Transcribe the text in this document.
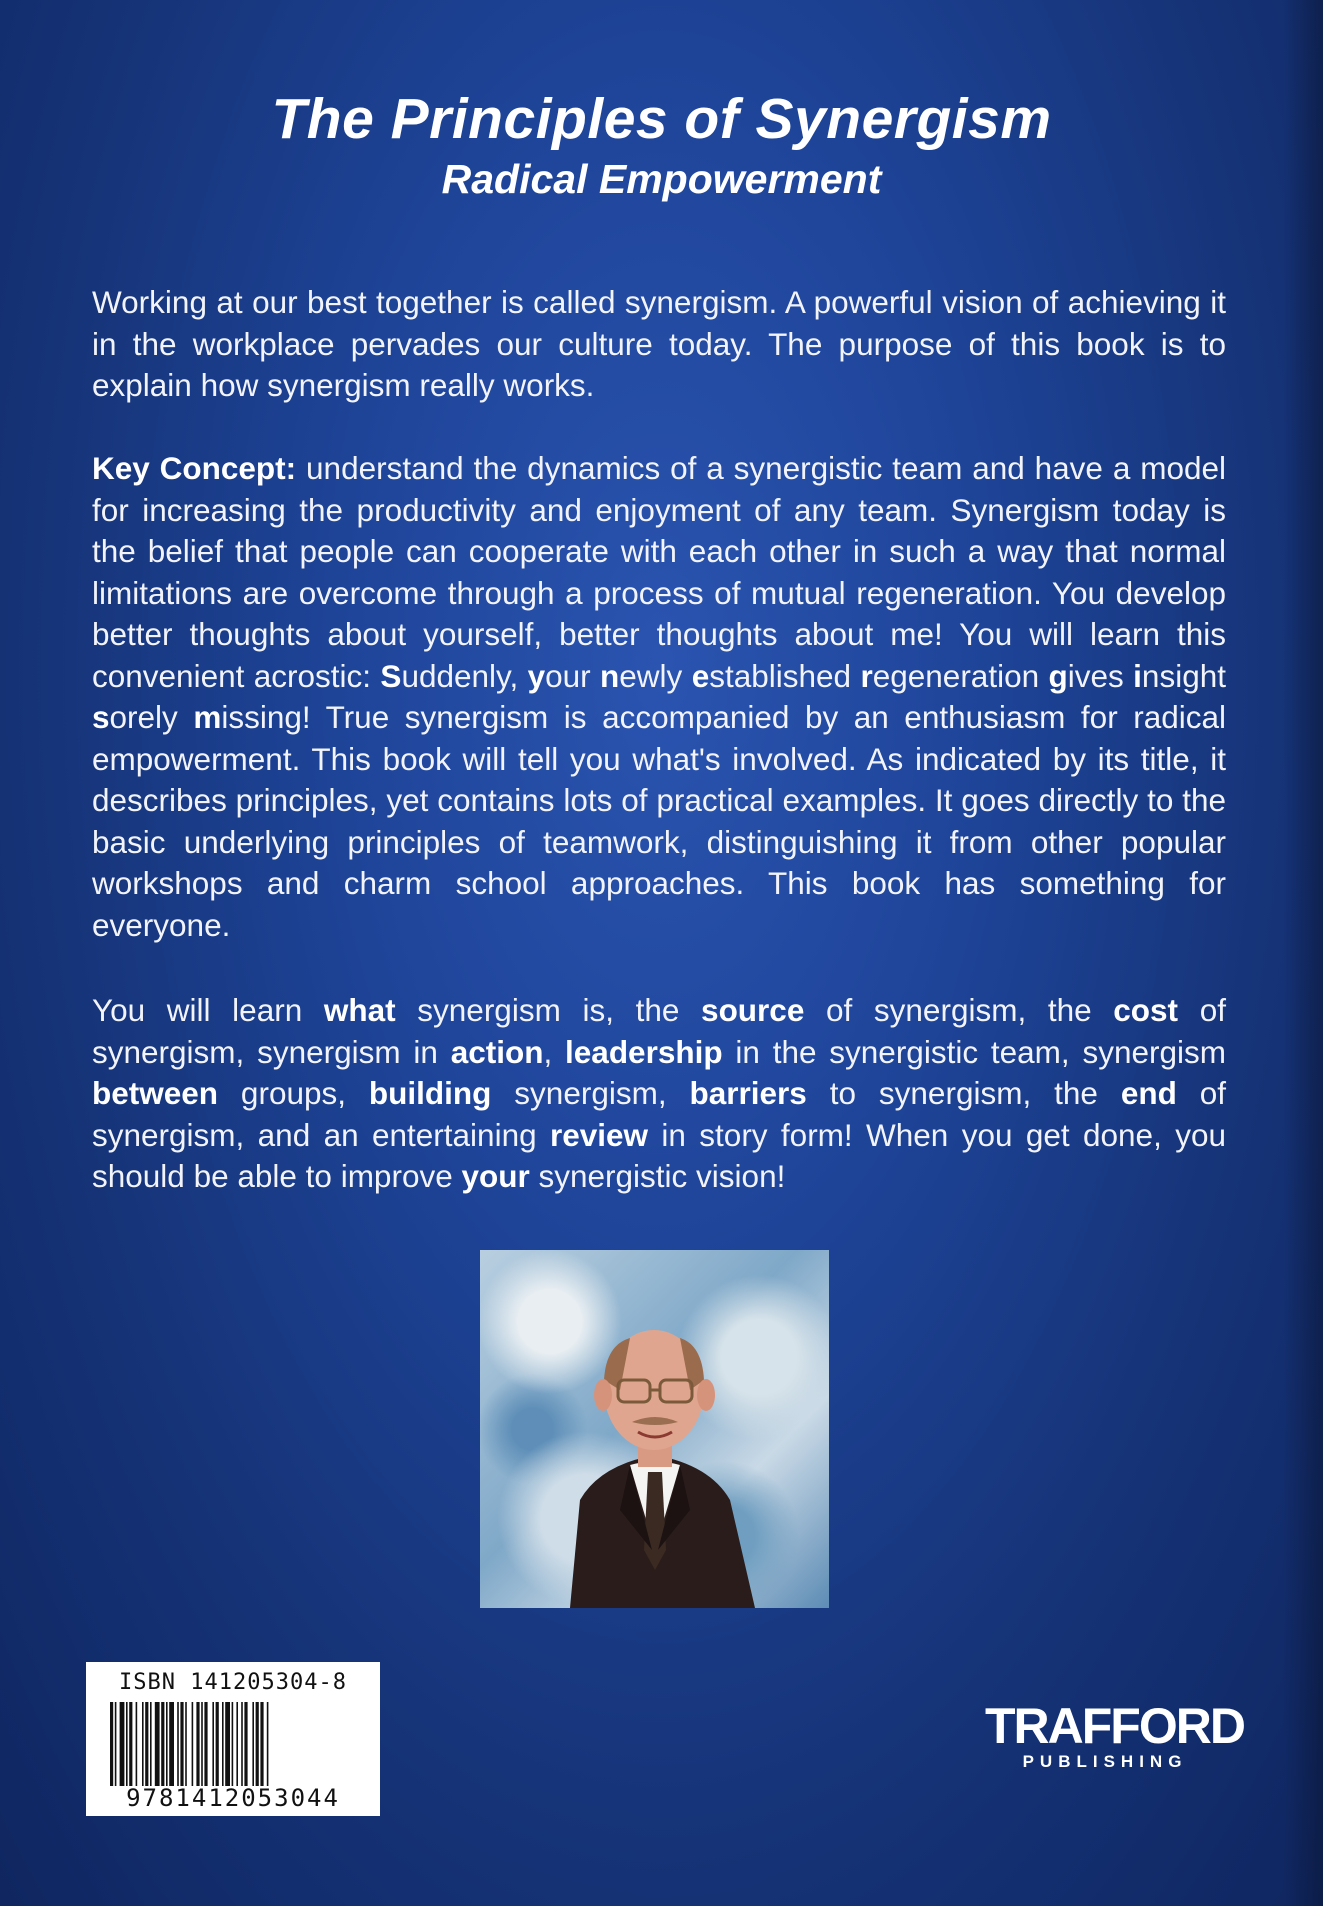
The Principles of Synergism
Radical Empowerment

Working at our best together is called synergism. A powerful vision of achieving it in the workplace pervades our culture today. The purpose of this book is to explain how synergism really works.

Key Concept: understand the dynamics of a synergistic team and have a model for increasing the productivity and enjoyment of any team. Synergism today is the belief that people can cooperate with each other in such a way that normal limitations are overcome through a process of mutual regeneration. You develop better thoughts about yourself, better thoughts about me! You will learn this convenient acrostic: Suddenly, your newly established regeneration gives insight sorely missing! True synergism is accompanied by an enthusiasm for radical empowerment. This book will tell you what's involved. As indicated by its title, it describes principles, yet contains lots of practical examples. It goes directly to the basic underlying principles of teamwork, distinguishing it from other popular workshops and charm school approaches. This book has something for everyone.

You will learn what synergism is, the source of synergism, the cost of synergism, synergism in action, leadership in the synergistic team, synergism between groups, building synergism, barriers to synergism, the end of synergism, and an entertaining review in story form! When you get done, you should be able to improve your synergistic vision!

ISBN 141205304-8
9781412053044
TRAFFORD
PUBLISHING
